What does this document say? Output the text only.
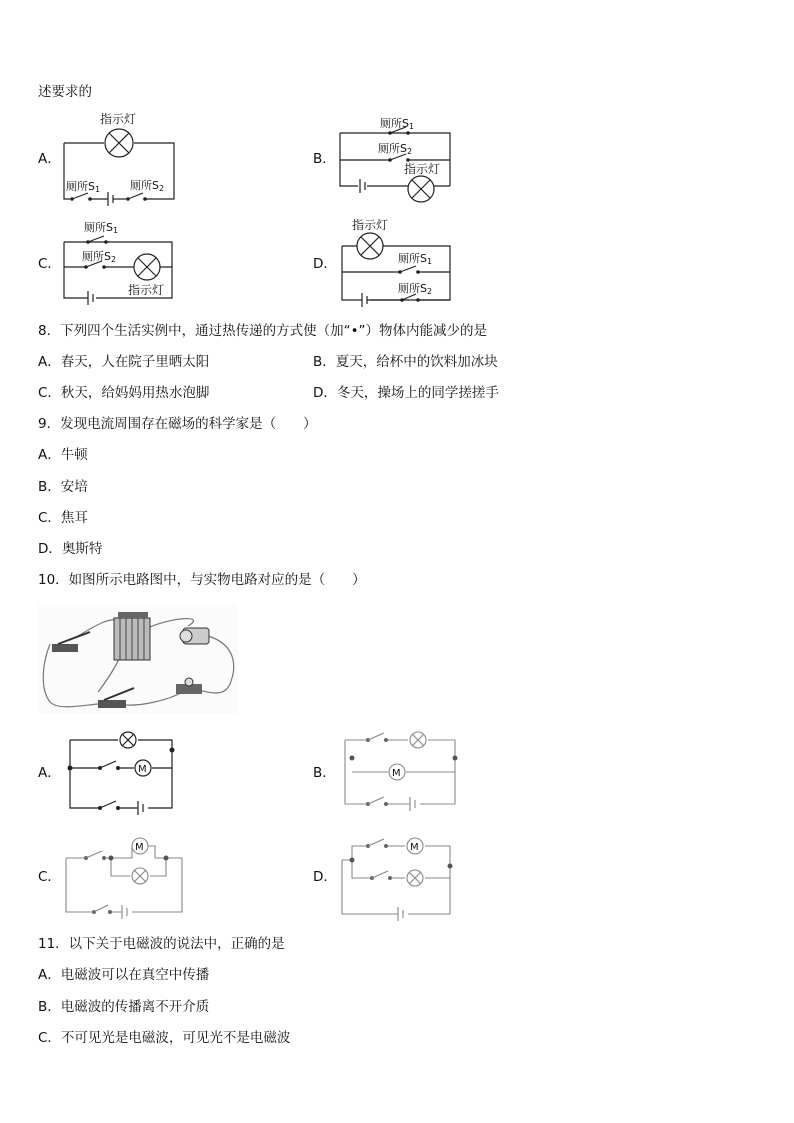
述要求的
A．	B．
C．	D．
指示灯
厕所S1	厕所S2
厕所S1
厕所S2
指示灯
厕所S1
厕所S2
指示灯
指示灯
厕所S1
厕所S2
8．下列四个生活实例中，通过热传递的方式使（加“•”）物体内能减少的是
A．春天，人在院子里晒太阳	B．夏天，给杯中的饮料加冰块
C．秋天，给妈妈用热水泡脚	D．冬天，操场上的同学搓搓手
9．发现电流周围存在磁场的科学家是（　　）
A．牛顿
B．安培
C．焦耳
D．奥斯特
10．如图所示电路图中，与实物电路对应的是（　　）
A．	B．
C．	D．
M	M
M	M
11．以下关于电磁波的说法中，正确的是
A．电磁波可以在真空中传播
B．电磁波的传播离不开介质
C．不可见光是电磁波，可见光不是电磁波
